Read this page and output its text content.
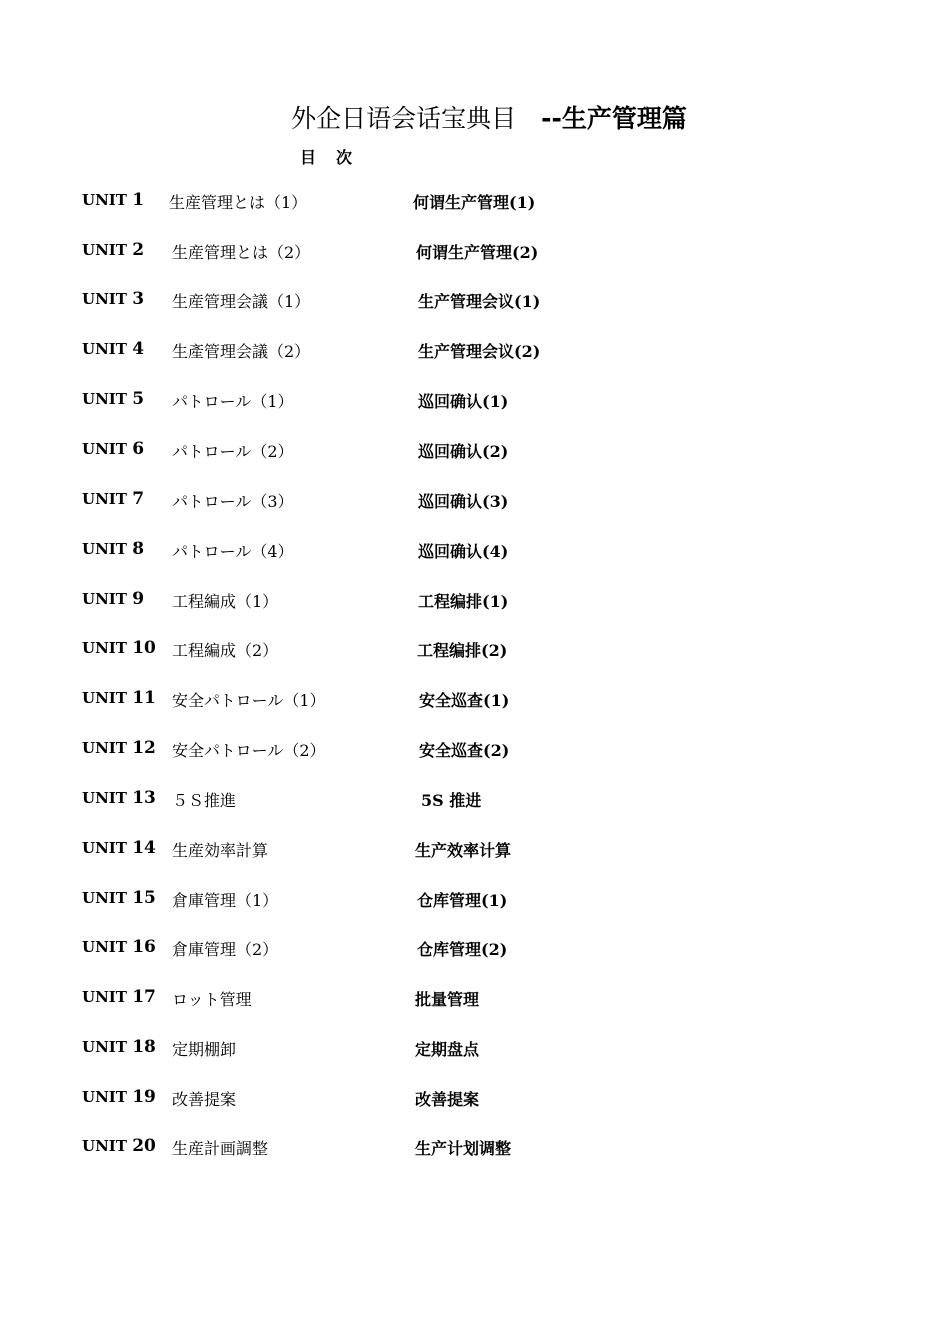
外企日语会话宝典目　 --生产管理篇
目　次
UNIT 1 生産管理とは（1）	何谓生产管理(1)
UNIT 2 生産管理とは（2）	何谓生产管理(2)
UNIT 3 生産管理会議（1）	生产管理会议(1)
UNIT 4 生產管理会議（2）	生产管理会议(2)
UNIT 5 パトロール（1）	巡回确认(1)
UNIT 6 パトロール（2）	巡回确认(2)
UNIT 7 パトロール（3）	巡回确认(3)
UNIT 8 パトロール（4）	巡回确认(4)
UNIT 9 工程編成（1）	工程编排(1)
UNIT 10 工程編成（2）	工程编排(2)
UNIT 11 安全パトロール（1）	安全巡查(1)
UNIT 12 安全パトロール（2）	安全巡查(2)
UNIT 13 ５Ｓ推進	5S 推进
UNIT 14 生産効率計算	生产效率计算
UNIT 15 倉庫管理（1）	仓库管理(1)
UNIT 16 倉庫管理（2）	仓库管理(2)
UNIT 17 ロット管理	批量管理
UNIT 18 定期棚卸	定期盘点
UNIT 19 改善提案	改善提案
UNIT 20 生産計画調整	生产计划调整
